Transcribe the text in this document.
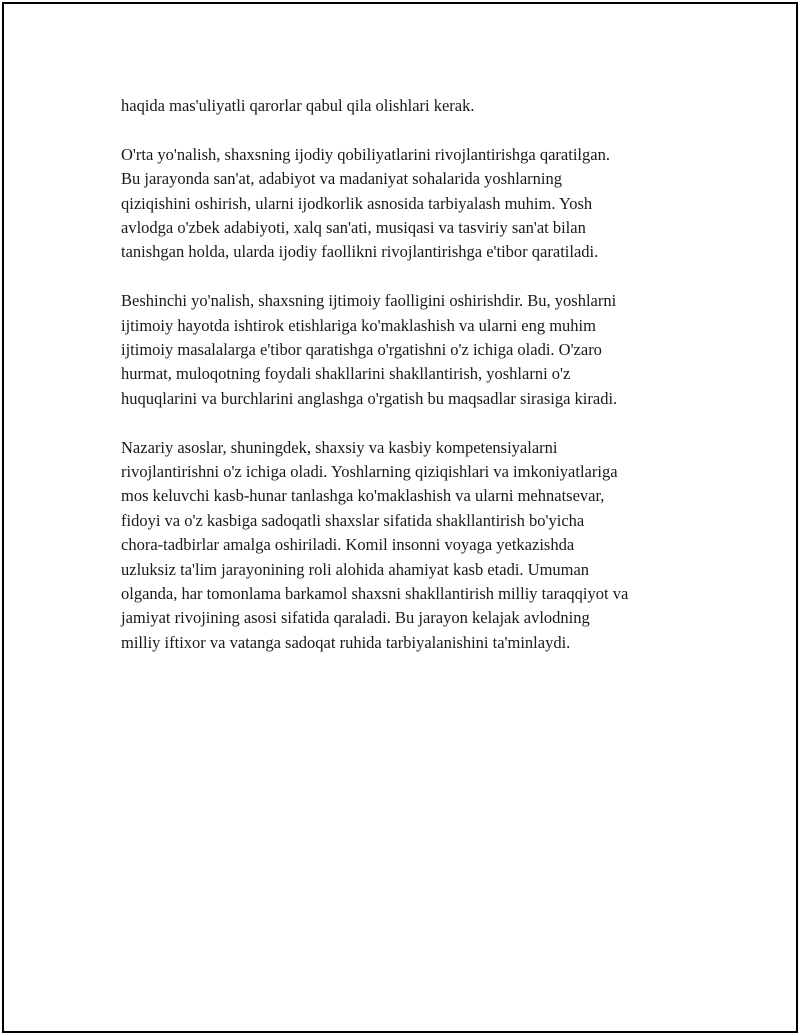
haqida mas'uliyatli qarorlar qabul qila olishlari kerak.

O'rta yo'nalish, shaxsning ijodiy qobiliyatlarini rivojlantirishga qaratilgan.
Bu jarayonda san'at, adabiyot va madaniyat sohalarida yoshlarning
qiziqishini oshirish, ularni ijodkorlik asnosida tarbiyalash muhim. Yosh
avlodga o'zbek adabiyoti, xalq san'ati, musiqasi va tasviriy san'at bilan
tanishgan holda, ularda ijodiy faollikni rivojlantirishga e'tibor qaratiladi.

Beshinchi yo'nalish, shaxsning ijtimoiy faolligini oshirishdir. Bu, yoshlarni
ijtimoiy hayotda ishtirok etishlariga ko'maklashish va ularni eng muhim
ijtimoiy masalalarga e'tibor qaratishga o'rgatishni o'z ichiga oladi. O'zaro
hurmat, muloqotning foydali shakllarini shakllantirish, yoshlarni o'z
huquqlarini va burchlarini anglashga o'rgatish bu maqsadlar sirasiga kiradi.

Nazariy asoslar, shuningdek, shaxsiy va kasbiy kompetensiyalarni
rivojlantirishni o'z ichiga oladi. Yoshlarning qiziqishlari va imkoniyatlariga
mos keluvchi kasb-hunar tanlashga ko'maklashish va ularni mehnatsevar,
fidoyi va o'z kasbiga sadoqatli shaxslar sifatida shakllantirish bo'yicha
chora-tadbirlar amalga oshiriladi. Komil insonni voyaga yetkazishda
uzluksiz ta'lim jarayonining roli alohida ahamiyat kasb etadi. Umuman
olganda, har tomonlama barkamol shaxsni shakllantirish milliy taraqqiyot va
jamiyat rivojining asosi sifatida qaraladi. Bu jarayon kelajak avlodning
milliy iftixor va vatanga sadoqat ruhida tarbiyalanishini ta'minlaydi.
